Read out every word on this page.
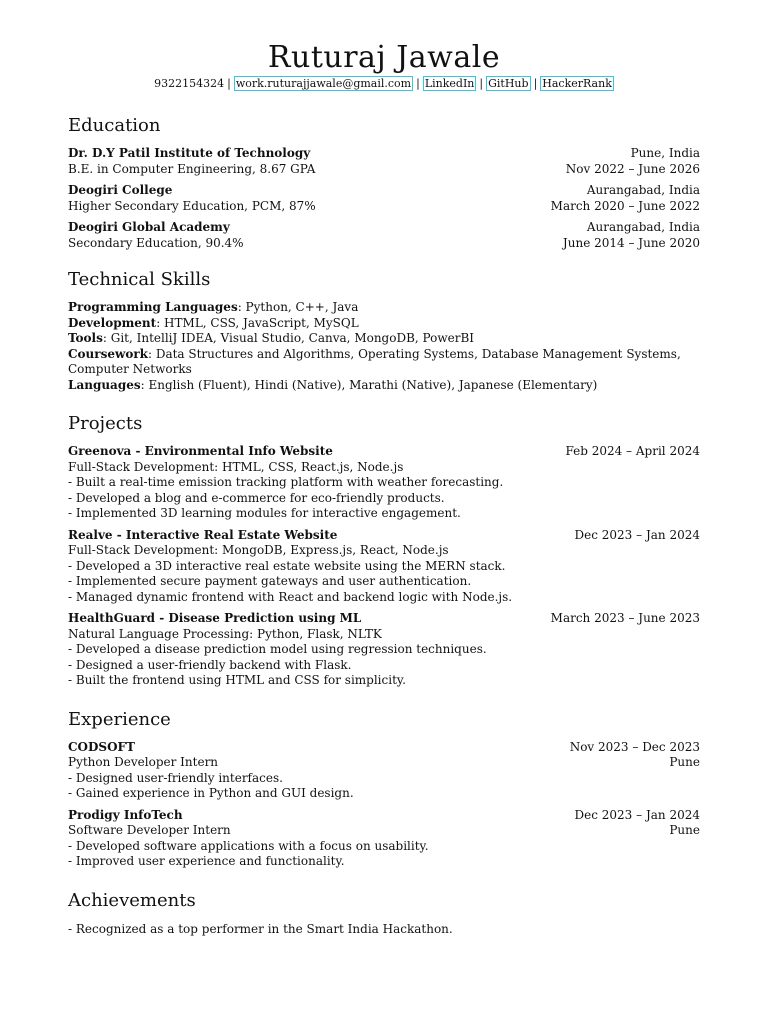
Ruturaj Jawale
9322154324 | work.ruturajjawale@gmail.com | LinkedIn | GitHub | HackerRank
Education
Dr. D.Y Patil Institute of Technology	Pune, India
B.E. in Computer Engineering, 8.67 GPA	Nov 2022 – June 2026
Deogiri College	Aurangabad, India
Higher Secondary Education, PCM, 87%	March 2020 – June 2022
Deogiri Global Academy	Aurangabad, India
Secondary Education, 90.4%	June 2014 – June 2020
Technical Skills
Programming Languages: Python, C++, Java
Development: HTML, CSS, JavaScript, MySQL
Tools: Git, IntelliJ IDEA, Visual Studio, Canva, MongoDB, PowerBI
Coursework: Data Structures and Algorithms, Operating Systems, Database Management Systems, Computer Networks
Languages: English (Fluent), Hindi (Native), Marathi (Native), Japanese (Elementary)
Projects
Greenova - Environmental Info Website	Feb 2024 – April 2024
Full-Stack Development: HTML, CSS, React.js, Node.js
- Built a real-time emission tracking platform with weather forecasting.
- Developed a blog and e-commerce for eco-friendly products.
- Implemented 3D learning modules for interactive engagement.
Realve - Interactive Real Estate Website	Dec 2023 – Jan 2024
Full-Stack Development: MongoDB, Express.js, React, Node.js
- Developed a 3D interactive real estate website using the MERN stack.
- Implemented secure payment gateways and user authentication.
- Managed dynamic frontend with React and backend logic with Node.js.
HealthGuard - Disease Prediction using ML	March 2023 – June 2023
Natural Language Processing: Python, Flask, NLTK
- Developed a disease prediction model using regression techniques.
- Designed a user-friendly backend with Flask.
- Built the frontend using HTML and CSS for simplicity.
Experience
CODSOFT	Nov 2023 – Dec 2023
Python Developer Intern	Pune
- Designed user-friendly interfaces.
- Gained experience in Python and GUI design.
Prodigy InfoTech	Dec 2023 – Jan 2024
Software Developer Intern	Pune
- Developed software applications with a focus on usability.
- Improved user experience and functionality.
Achievements
- Recognized as a top performer in the Smart India Hackathon.
